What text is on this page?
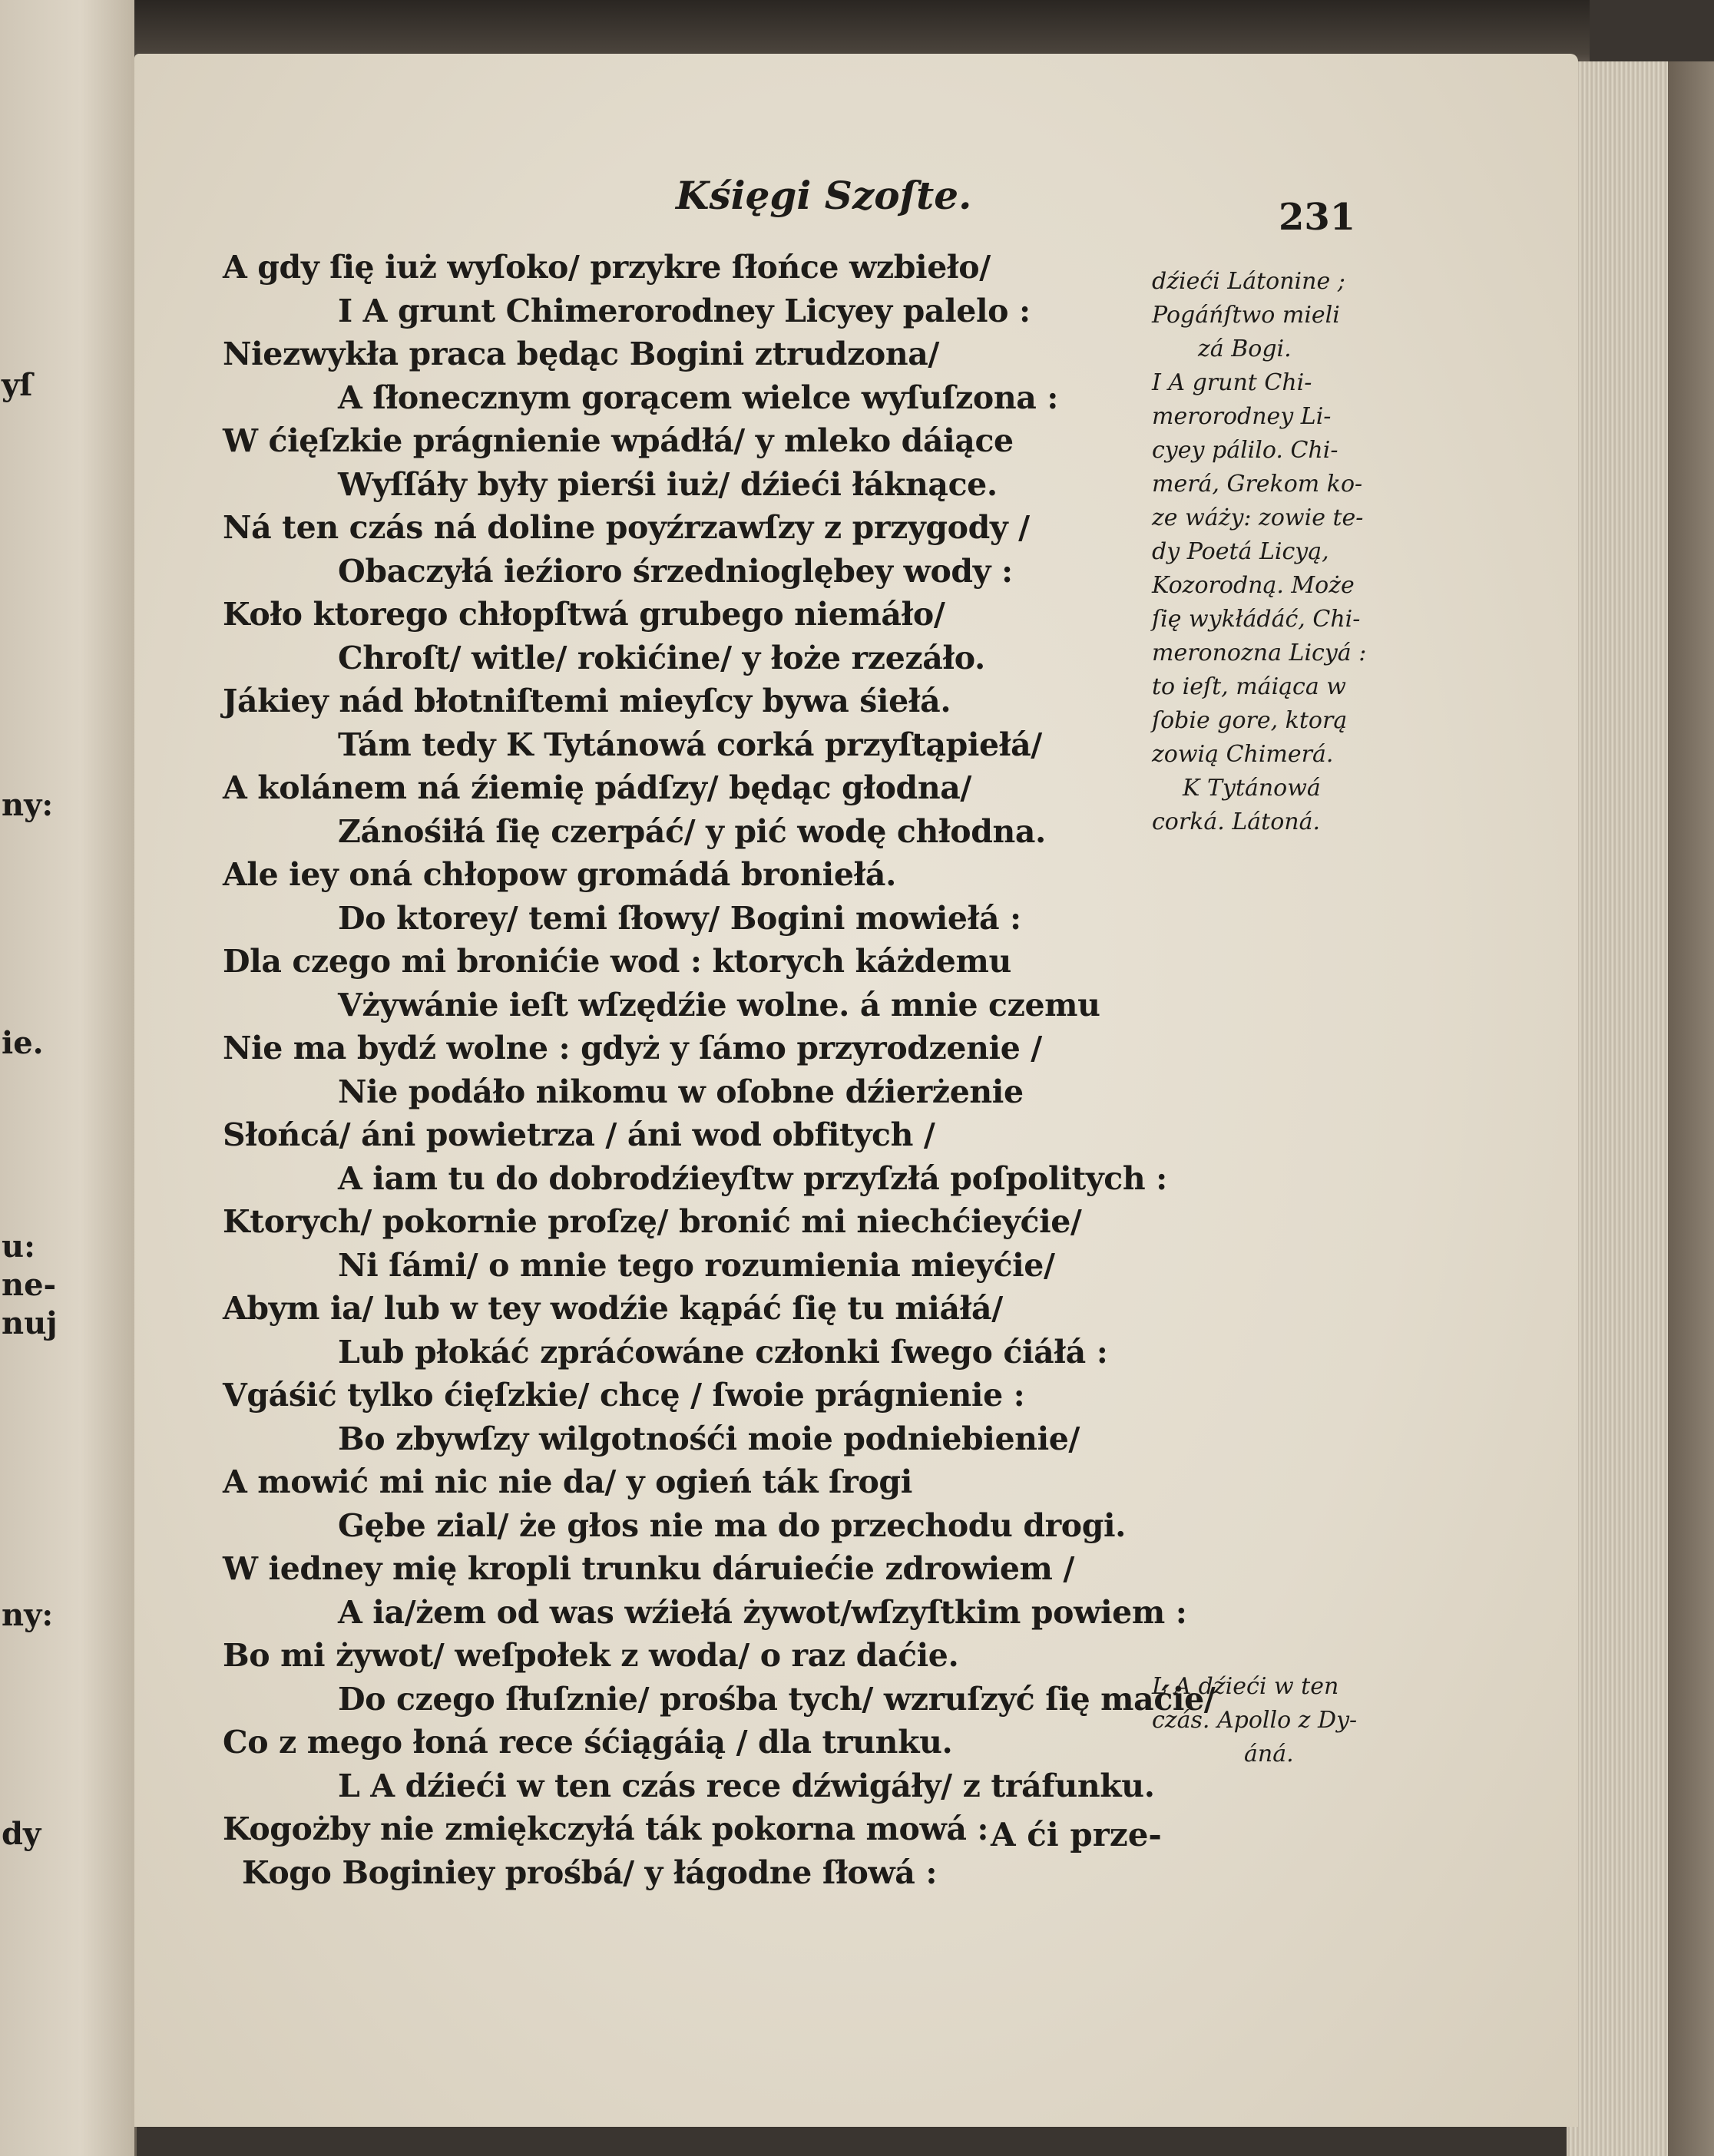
yſ
ny:
ie.
u:
ne-
nuj
ny:
dy
Kśięgi Szoſte.	231
A gdy ſię iuż wyſoko/ przykre ſłońce wzbieło/
I A grunt Chimerorodney Licyey palelo :
Niezwykła praca będąc Bogini ztrudzona/
A ſłonecznym gorącem wielce wyſuſzona :
W ćięſzkie prágnienie wpádłá/ y mleko dáiące
Wyſſáły były pierśi iuż/ dźieći łáknące.
Ná ten czás ná doline poyźrzawſzy z przygody /
Obaczyłá ieźioro śrzednioglębey wody :
Koło ktorego chłopſtwá grubego niemáło/
Chroſt/ witle/ rokićine/ y łoże rzezáło.
Jákiey nád błotniſtemi mieyſcy bywa śiełá.
Tám tedy K Tytánowá corká przyſtąpiełá/
A kolánem ná źiemię pádſzy/ będąc głodna/
Zánośiłá ſię czerpáć/ y pić wodę chłodna.
Ale iey oná chłopow gromádá broniełá.
Do ktorey/ temi ſłowy/ Bogini mowiełá :
Dla czego mi bronićie wod : ktorych káżdemu
Vżywánie ieſt wſzędźie wolne. á mnie czemu
Nie ma bydź wolne : gdyż y ſámo przyrodzenie /
Nie podáło nikomu w oſobne dźierżenie
Słońcá/ áni powietrza / áni wod obfitych /
A iam tu do dobrodźieyſtw przyſzłá poſpolitych :
Ktorych/ pokornie proſzę/ bronić mi niechćieyćie/
Ni ſámi/ o mnie tego rozumienia mieyćie/
Abym ia/ lub w tey wodźie kąpáć ſię tu miáłá/
Lub płokáć zpráćowáne członki ſwego ćiáłá :
Vgáśić tylko ćięſzkie/ chcę / ſwoie prágnienie :
Bo zbywſzy wilgotnośći moie podniebienie/
A mowić mi nic nie da/ y ogień ták ſrogi
Gębe zial/ że głos nie ma do przechodu drogi.
W iedney mię kropli trunku dáruiećie zdrowiem /
A ia/żem od was wźiełá żywot/wſzyſtkim powiem :
Bo mi żywot/ weſpołek z woda/ o raz daćie.
Do czego ſłuſznie/ prośba tych/ wzruſzyć ſię maćie/
Co z mego łoná rece śćiągáią / dla trunku.
L A dźieći w ten czás rece dźwigáły/ z tráfunku.
Kogożby nie zmiękczyłá ták pokorna mowá :
Kogo Boginiey prośbá/ y łágodne ſłowá :
A ći prze-
dźieći Látonine ;
Pogáńſtwo mieli
zá Bogi.
I A grunt Chi-
merorodney Li-
cyey pálilo. Chi-
merá, Grekom ko-
ze wáży: zowie te-
dy Poetá Licyą,
Kozorodną. Może
ſię wykłádáć, Chi-
meronozna Licyá :
to ieſt, máiąca w
ſobie gore, ktorą
zowią Chimerá.
K Tytánowá
corká. Látoná.
L A dźieći w ten
czás. Apollo z Dy-
áná.
